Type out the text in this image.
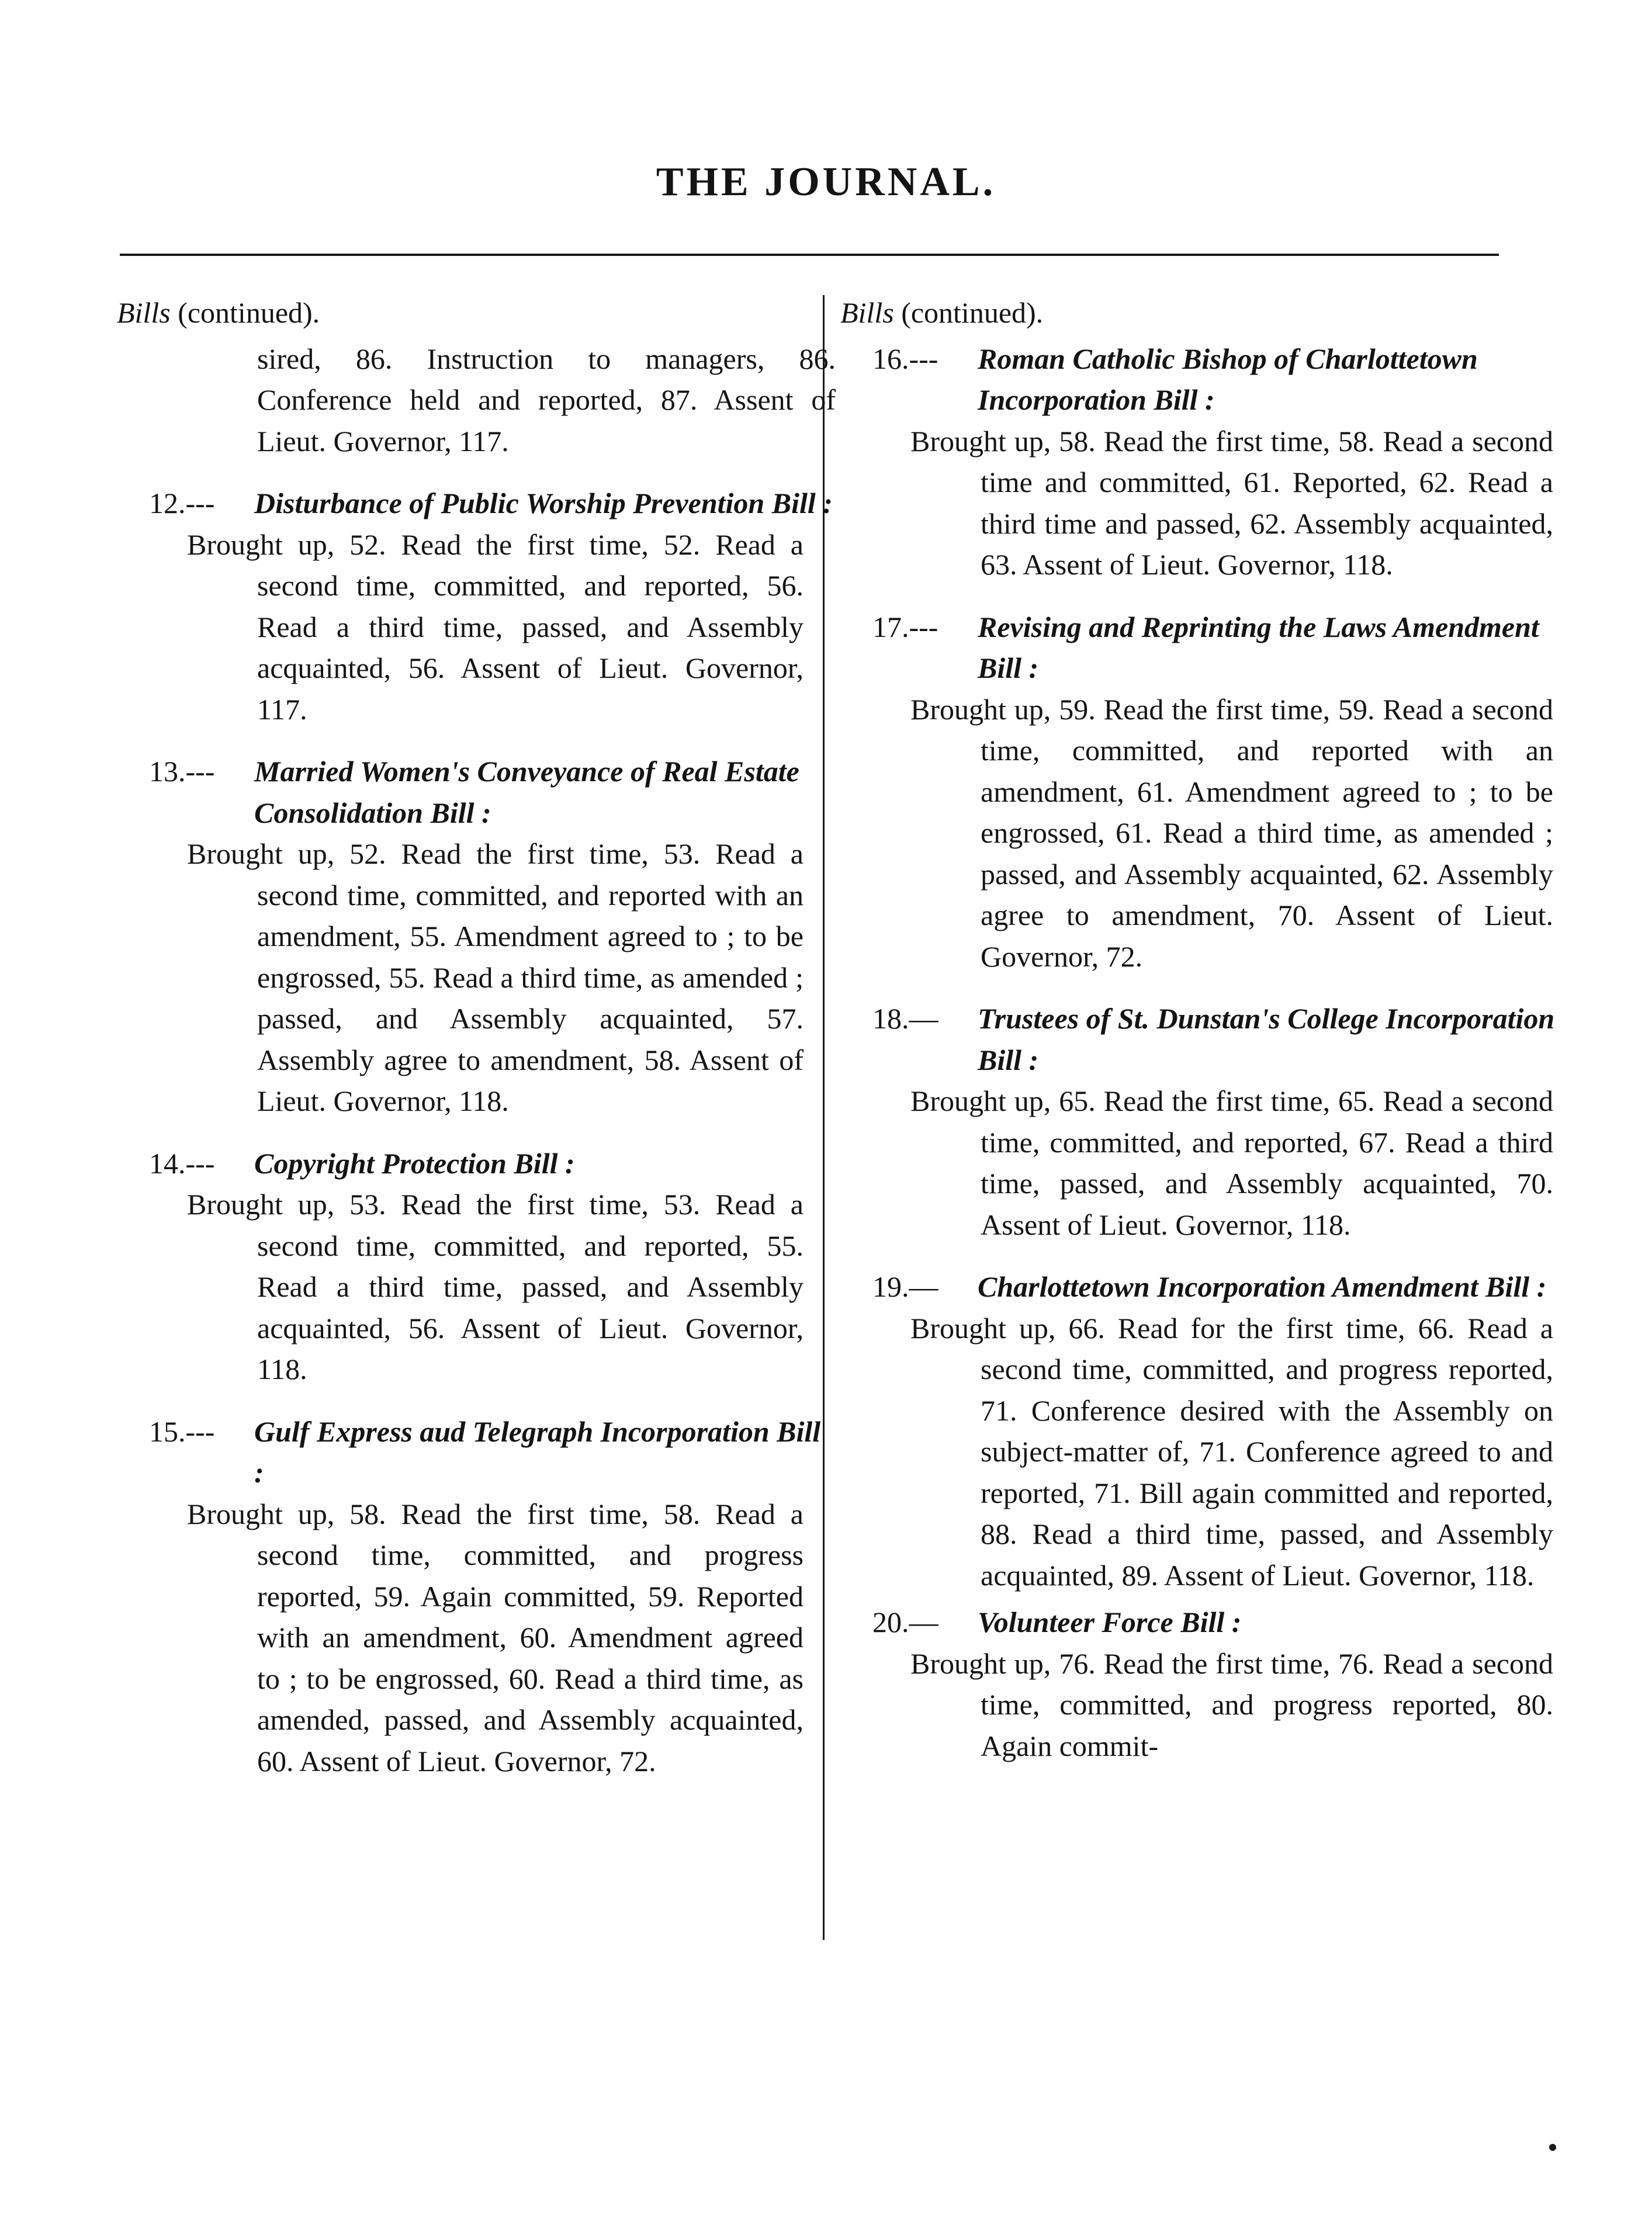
THE JOURNAL.
Bills (continued).
sired, 86. Instruction to managers, 86. Conference held and reported, 87. Assent of Lieut. Governor, 117.
12.---	Disturbance of Public Worship Prevention Bill :
Brought up, 52. Read the first time, 52. Read a second time, committed, and reported, 56. Read a third time, passed, and Assembly acquainted, 56. Assent of Lieut. Governor, 117.
13.---	Married Women's Conveyance of Real Estate Consolidation Bill :
Brought up, 52. Read the first time, 53. Read a second time, committed, and reported with an amendment, 55. Amendment agreed to ; to be engrossed, 55. Read a third time, as amended ; passed, and Assembly acquainted, 57. Assembly agree to amendment, 58. Assent of Lieut. Governor, 118.
14.---	Copyright Protection Bill :
Brought up, 53. Read the first time, 53. Read a second time, committed, and reported, 55. Read a third time, passed, and Assembly acquainted, 56. Assent of Lieut. Governor, 118.
15.---	Gulf Express aud Telegraph Incorporation Bill :
Brought up, 58. Read the first time, 58. Read a second time, committed, and progress reported, 59. Again committed, 59. Reported with an amendment, 60. Amendment agreed to ; to be engrossed, 60. Read a third time, as amended, passed, and Assembly acquainted, 60. Assent of Lieut. Governor, 72.
Bills (continued).
16.---	Roman Catholic Bishop of Charlottetown Incorporation Bill :
Brought up, 58. Read the first time, 58. Read a second time and committed, 61. Reported, 62. Read a third time and passed, 62. Assembly acquainted, 63. Assent of Lieut. Governor, 118.
17.---	Revising and Reprinting the Laws Amendment Bill :
Brought up, 59. Read the first time, 59. Read a second time, committed, and reported with an amendment, 61. Amendment agreed to ; to be engrossed, 61. Read a third time, as amended ; passed, and Assembly acquainted, 62. Assembly agree to amendment, 70. Assent of Lieut. Governor, 72.
18.—	Trustees of St. Dunstan's College Incorporation Bill :
Brought up, 65. Read the first time, 65. Read a second time, committed, and reported, 67. Read a third time, passed, and Assembly acquainted, 70. Assent of Lieut. Governor, 118.
19.—	Charlottetown Incorporation Amendment Bill :
Brought up, 66. Read for the first time, 66. Read a second time, committed, and progress reported, 71. Conference desired with the Assembly on subject-matter of, 71. Conference agreed to and reported, 71. Bill again committed and reported, 88. Read a third time, passed, and Assembly acquainted, 89. Assent of Lieut. Governor, 118.
20.—	Volunteer Force Bill :
Brought up, 76. Read the first time, 76. Read a second time, committed, and progress reported, 80. Again commit-
